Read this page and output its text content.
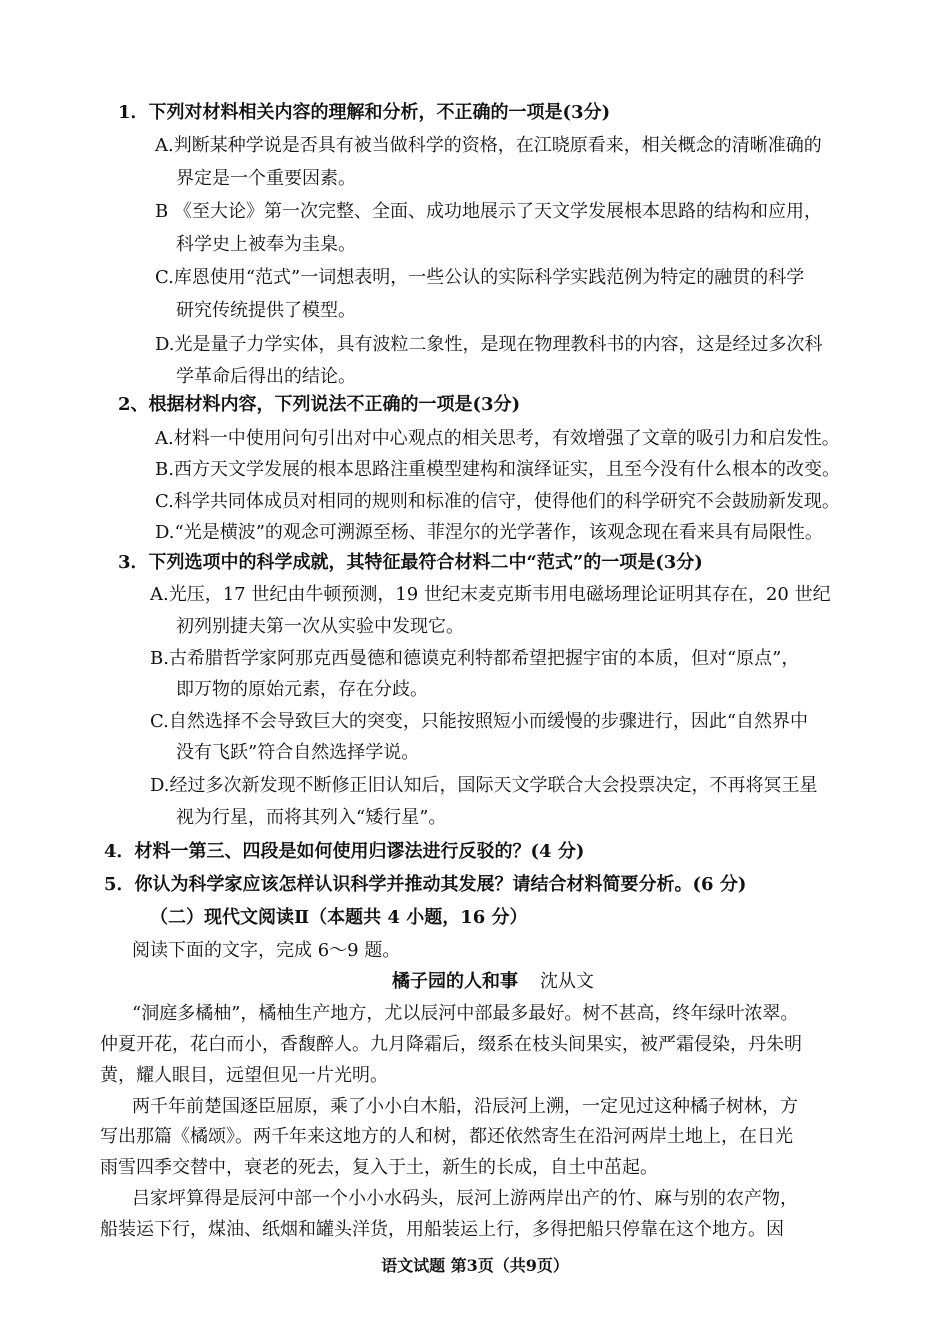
1．下列对材料相关内容的理解和分析，不正确的一项是(3分)
A.判断某种学说是否具有被当做科学的资格，在江晓原看来，相关概念的清晰准确的
界定是一个重要因素。
B 《至大论》第一次完整、全面、成功地展示了天文学发展根本思路的结构和应用，
科学史上被奉为圭臬。
C.库恩使用“范式”一词想表明，一些公认的实际科学实践范例为特定的融贯的科学
研究传统提供了模型。
D.光是量子力学实体，具有波粒二象性，是现在物理教科书的内容，这是经过多次科
学革命后得出的结论。
2、根据材料内容，下列说法不正确的一项是(3分)
A.材料一中使用问句引出对中心观点的相关思考，有效增强了文章的吸引力和启发性。
B.西方天文学发展的根本思路注重模型建构和演绎证实，且至今没有什么根本的改变。
C.科学共同体成员对相同的规则和标准的信守，使得他们的科学研究不会鼓励新发现。
D.“光是横波”的观念可溯源至杨、菲涅尔的光学著作，该观念现在看来具有局限性。
3．下列选项中的科学成就，其特征最符合材料二中“范式”的一项是(3分)
A.光压，17 世纪由牛顿预测，19 世纪末麦克斯韦用电磁场理论证明其存在，20 世纪
初列别捷夫第一次从实验中发现它。
B.古希腊哲学家阿那克西曼德和德谟克利特都希望把握宇宙的本质，但对“原点”，
即万物的原始元素，存在分歧。
C.自然选择不会导致巨大的突变，只能按照短小而缓慢的步骤进行，因此“自然界中
没有飞跃”符合自然选择学说。
D.经过多次新发现不断修正旧认知后，国际天文学联合大会投票决定，不再将冥王星
视为行星，而将其列入“矮行星”。
4．材料一第三、四段是如何使用归谬法进行反驳的？(4 分)
5．你认为科学家应该怎样认识科学并推动其发展？请结合材料简要分析。(6 分)
（二）现代文阅读Ⅱ（本题共 4 小题，16 分）
阅读下面的文字，完成 6～9 题。
橘子园的人和事 沈从文
“洞庭多橘柚”，橘柚生产地方，尤以辰河中部最多最好。树不甚高，终年绿叶浓翠。
仲夏开花，花白而小，香馥醉人。九月降霜后，缀系在枝头间果实，被严霜侵染，丹朱明
黄，耀人眼目，远望但见一片光明。
两千年前楚国逐臣屈原，乘了小小白木船，沿辰河上溯，一定见过这种橘子树林，方
写出那篇《橘颂》。两千年来这地方的人和树，都还依然寄生在沿河两岸土地上，在日光
雨雪四季交替中，衰老的死去，复入于土，新生的长成，自土中茁起。
吕家坪算得是辰河中部一个小小水码头，辰河上游两岸出产的竹、麻与别的农产物，
船装运下行，煤油、纸烟和罐头洋货，用船装运上行，多得把船只停靠在这个地方。因
语文试题 第3页（共9页）
